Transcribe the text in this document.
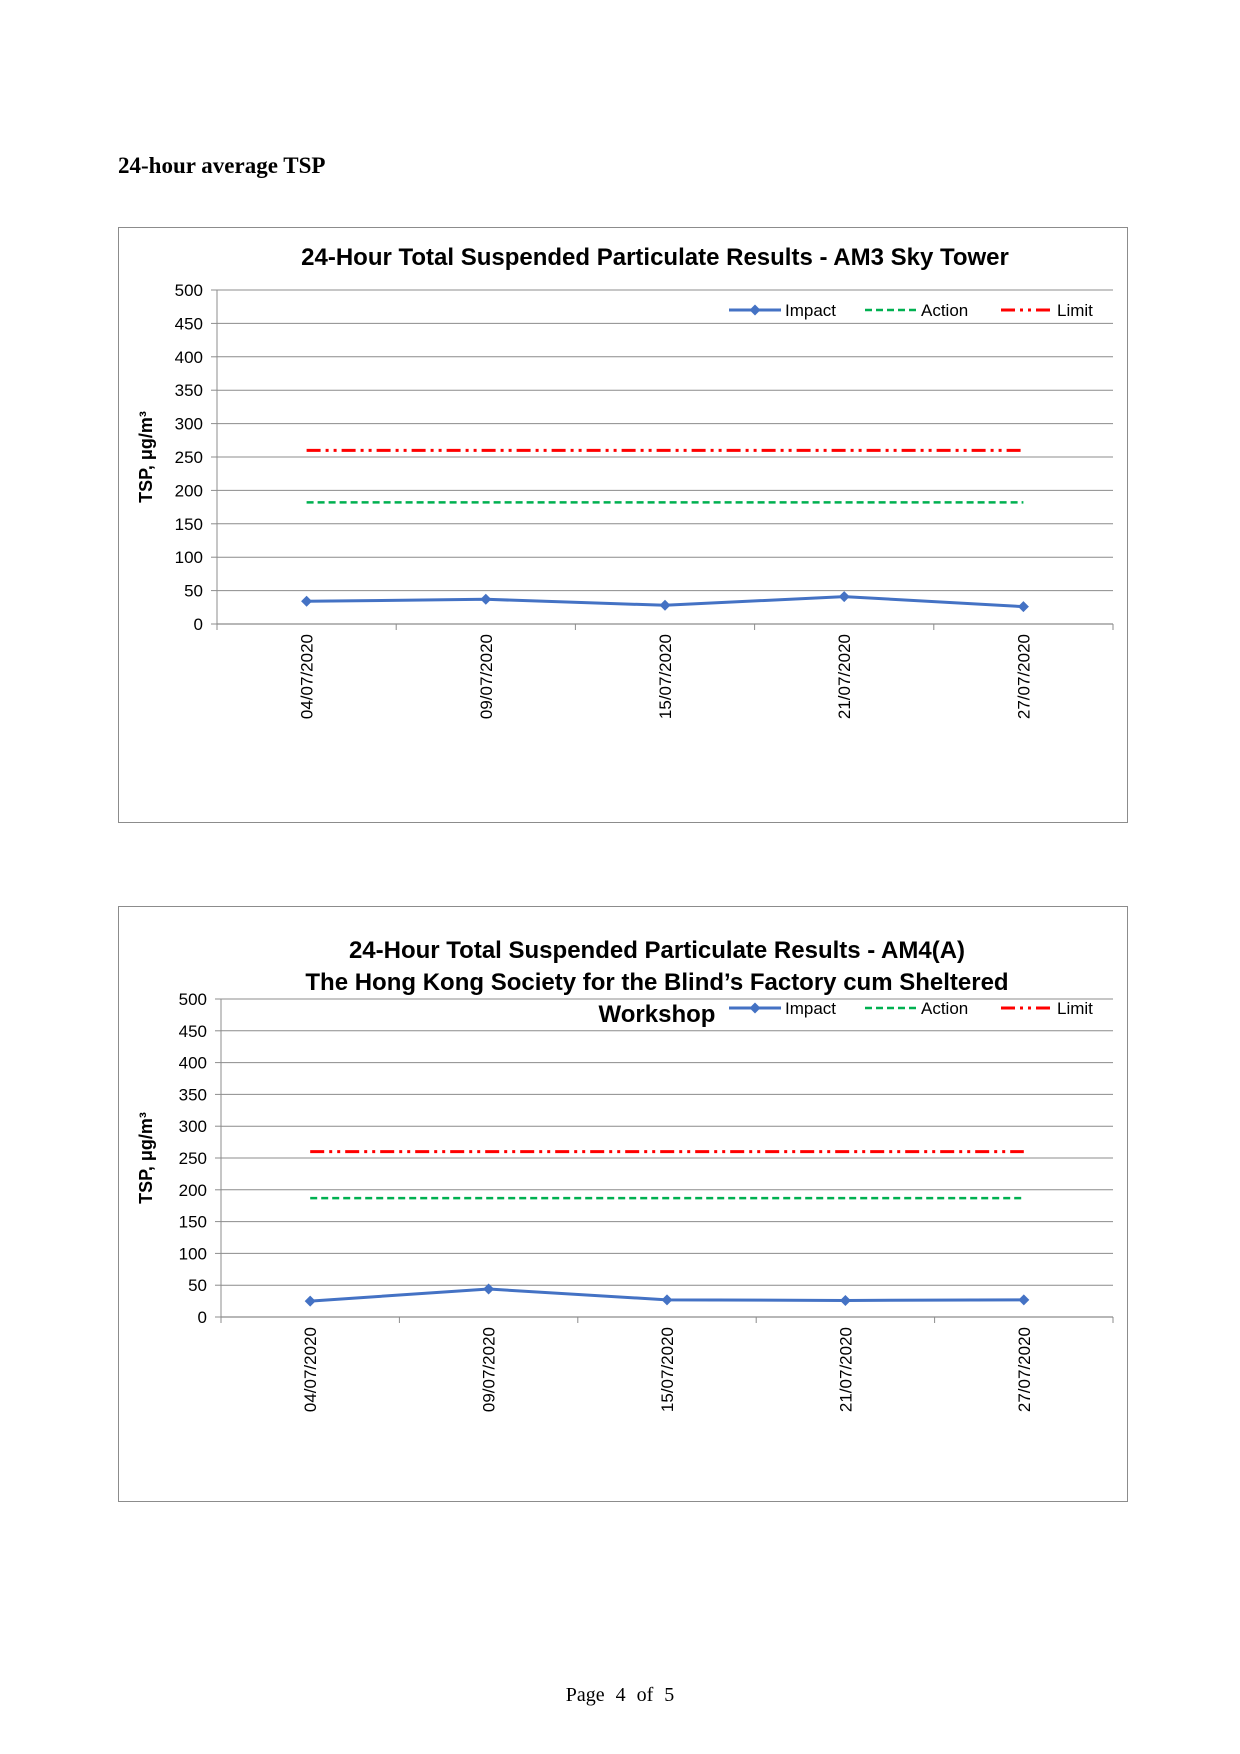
24-hour average TSP
24-Hour Total Suspended Particulate Results - AM3 Sky Tower
0
50
100
150
200
250
300
350
400
450
500
04/07/2020	09/07/2020	15/07/2020	21/07/2020	27/07/2020
TSP, μg/m³
Impact	Action	Limit
24-Hour Total Suspended Particulate Results - AM4(A)
The Hong Kong Society for the Blind’s Factory cum Sheltered
Workshop
0
50
100
150
200
250
300
350
400
450
500
04/07/2020	09/07/2020	15/07/2020	21/07/2020	27/07/2020
TSP, μg/m³
Impact	Action	Limit
Page 4 of 5
